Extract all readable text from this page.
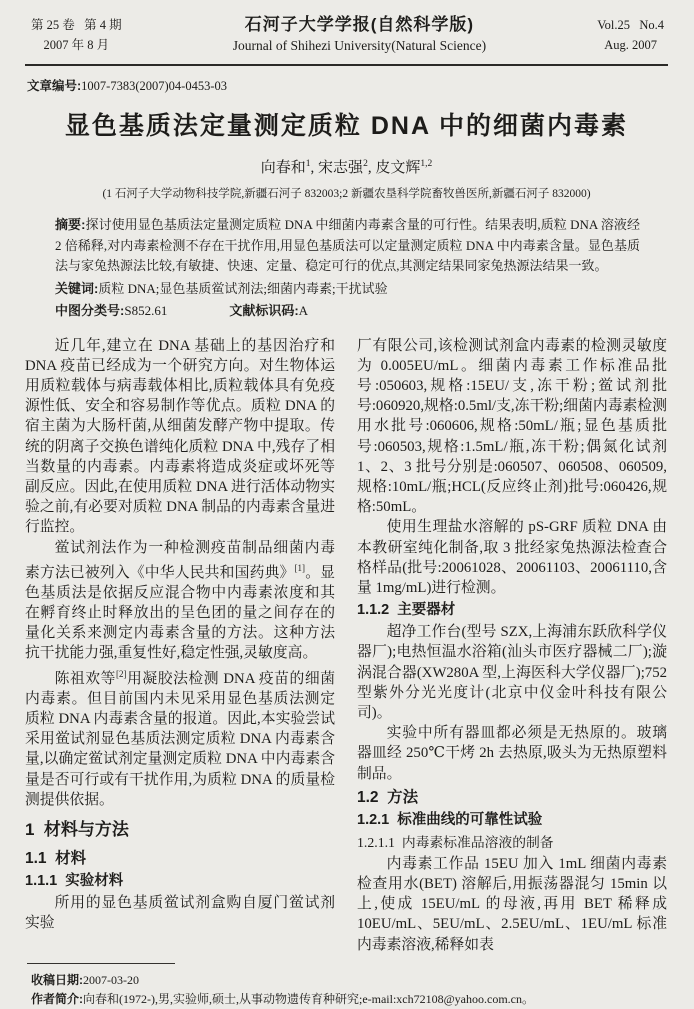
第 25 卷   第 4 期
2007 年 8 月
石河子大学学报(自然科学版)
Journal of Shihezi University(Natural Science)
Vol.25   No.4
Aug. 2007
文章编号:1007-7383(2007)04-0453-03
显色基质法定量测定质粒 DNA 中的细菌内毒素
向春和$^1$, 宋志强$^2$, 皮文辉$^{1,2}$
(1 石河子大学动物科技学院,新疆石河子 832003;2 新疆农垦科学院畜牧兽医所,新疆石河子 832000)

摘要:探讨使用显色基质法定量测定质粒 DNA 中细菌内毒素含量的可行性。结果表明,质粒 DNA 溶液经 2 倍稀释,对内毒素检测不存在干扰作用,用显色基质法可以定量测定质粒 DNA 中内毒素含量。显色基质法与家兔热源法比较,有敏捷、快速、定量、稳定可行的优点,其测定结果同家兔热源法结果一致。

关键词:质粒 DNA;显色基质鲎试剂法;细菌内毒素;干扰试验
中图分类号:S852.61	文献标识码:A

近几年,建立在 DNA 基础上的基因治疗和 DNA 疫苗已经成为一个研究方向。对生物体运用质粒载体与病毒载体相比,质粒载体具有免疫源性低、安全和容易制作等优点。质粒 DNA 的宿主菌为大肠杆菌,从细菌发酵产物中提取。传统的阴离子交换色谱纯化质粒 DNA 中,残存了相当数量的内毒素。内毒素将造成炎症或坏死等副反应。因此,在使用质粒 DNA 进行活体动物实验之前,有必要对质粒 DNA 制品的内毒素含量进行监控。

鲎试剂法作为一种检测疫苗制品细菌内毒素方法已被列入《中华人民共和国药典》[1]。显色基质法是依据反应混合物中内毒素浓度和其在孵育终止时释放出的呈色团的量之间存在的量化关系来测定内毒素含量的方法。这种方法抗干扰能力强,重复性好,稳定性强,灵敏度高。

陈祖欢等[2]用凝胶法检测 DNA 疫苗的细菌内毒素。但目前国内未见采用显色基质法测定质粒 DNA 内毒素含量的报道。因此,本实验尝试采用鲎试剂显色基质法测定质粒 DNA 内毒素含量,以确定鲎试剂定量测定质粒 DNA 中内毒素含量是否可行或有干扰作用,为质粒 DNA 的质量检测提供依据。

1  材料与方法
1.1  材料
1.1.1  实验材料

所用的显色基质鲎试剂盒购自厦门鲎试剂实验

厂有限公司,该检测试剂盒内毒素的检测灵敏度为 0.005EU/mL。细菌内毒素工作标准品批号:050603,规格:15EU/支,冻干粉;鲎试剂批号:060920,规格:0.5ml/支,冻干粉;细菌内毒素检测用水批号:060606,规格:50mL/瓶;显色基质批号:060503,规格:1.5mL/瓶,冻干粉;偶氮化试剂 1、2、3 批号分别是:060507、060508、060509,规格:10mL/瓶;HCL(反应终止剂)批号:060426,规格:50mL。

使用生理盐水溶解的 pS-GRF 质粒 DNA 由本教研室纯化制备,取 3 批经家兔热源法检查合格样品(批号:20061028、20061103、20061110,含量 1mg/mL)进行检测。

1.1.2  主要器材

超净工作台(型号 SZX,上海浦东跃欣科学仪器厂);电热恒温水浴箱(汕头市医疗器械二厂);漩涡混合器(XW280A 型,上海医科大学仪器厂);752 型紫外分光光度计(北京中仪金叶科技有限公司)。

实验中所有器皿都必须是无热原的。玻璃器皿经 250℃干烤 2h 去热原,吸头为无热原塑料制品。

1.2  方法
1.2.1  标准曲线的可靠性试验
1.2.1.1  内毒素标准品溶液的制备

内毒素工作品 15EU 加入 1mL 细菌内毒素检查用水(BET) 溶解后,用振荡器混匀 15min 以上,使成 15EU/mL 的母液,再用 BET 稀释成 10EU/mL、5EU/mL、2.5EU/mL、1EU/mL 标准内毒素溶液,稀释如表

收稿日期:2007-03-20
作者简介:向春和(1972-),男,实验师,硕士,从事动物遗传育种研究;e-mail:xch72108@yahoo.com.cn。
